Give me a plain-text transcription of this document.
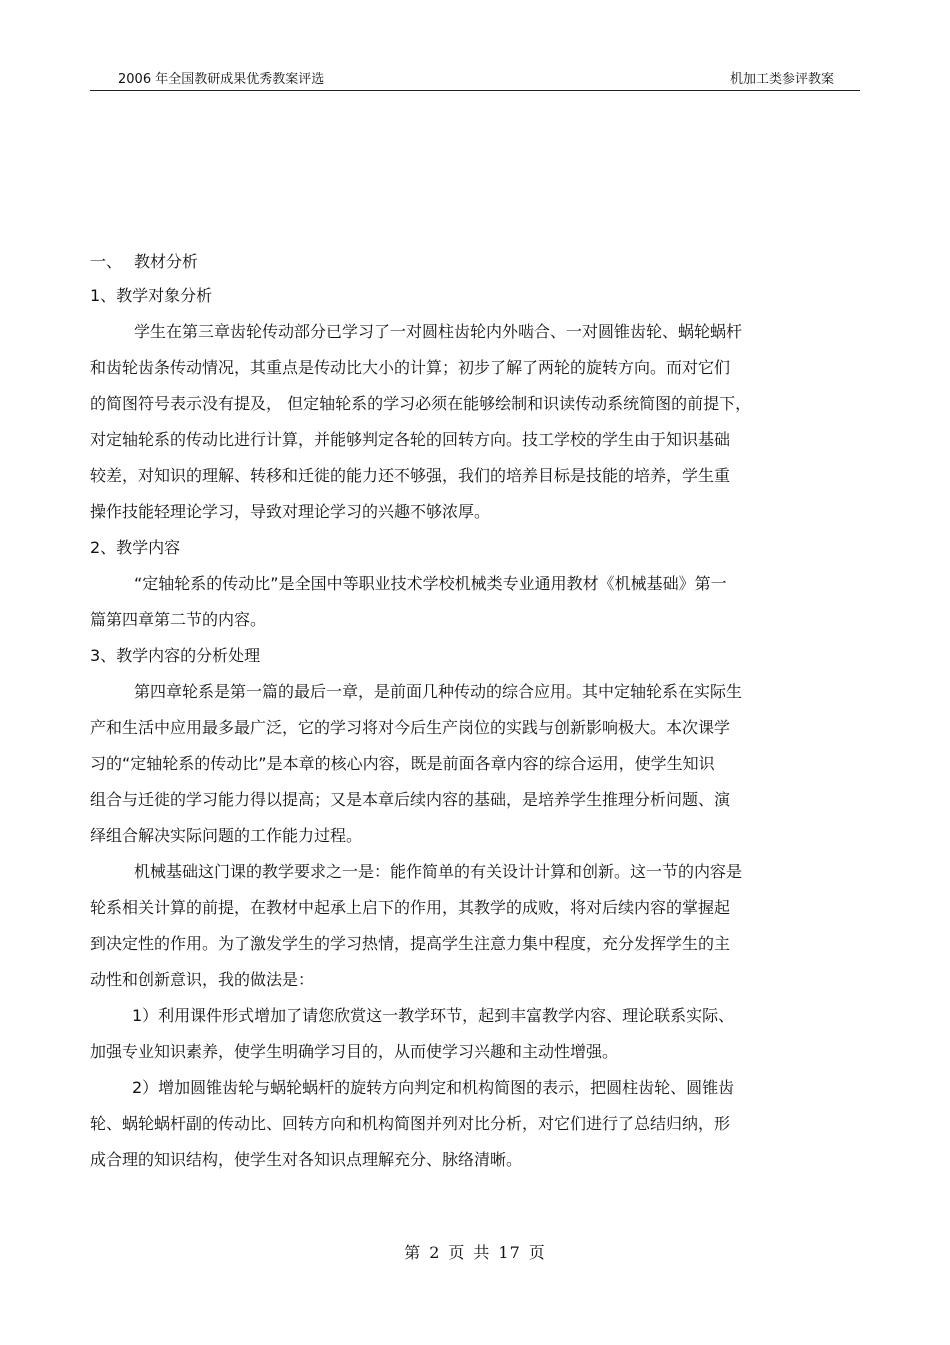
2006 年全国教研成果优秀教案评选	机加工类参评教案
一、 教材分析
1、教学对象分析
学生在第三章齿轮传动部分已学习了一对圆柱齿轮内外啮合、一对圆锥齿轮、蜗轮蜗杆
和齿轮齿条传动情况，其重点是传动比大小的计算；初步了解了两轮的旋转方向。而对它们
的简图符号表示没有提及， 但定轴轮系的学习必须在能够绘制和识读传动系统简图的前提下，
对定轴轮系的传动比进行计算，并能够判定各轮的回转方向。技工学校的学生由于知识基础
较差，对知识的理解、转移和迁徙的能力还不够强，我们的培养目标是技能的培养，学生重
操作技能轻理论学习，导致对理论学习的兴趣不够浓厚。
2、教学内容
“定轴轮系的传动比”是全国中等职业技术学校机械类专业通用教材《机械基础》第一
篇第四章第二节的内容。
3、教学内容的分析处理
第四章轮系是第一篇的最后一章，是前面几种传动的综合应用。其中定轴轮系在实际生
产和生活中应用最多最广泛，它的学习将对今后生产岗位的实践与创新影响极大。本次课学
习的“定轴轮系的传动比”是本章的核心内容，既是前面各章内容的综合运用，使学生知识
组合与迁徙的学习能力得以提高；又是本章后续内容的基础，是培养学生推理分析问题、演
绎组合解决实际问题的工作能力过程。
机械基础这门课的教学要求之一是：能作简单的有关设计计算和创新。这一节的内容是
轮系相关计算的前提，在教材中起承上启下的作用，其教学的成败，将对后续内容的掌握起
到决定性的作用。为了激发学生的学习热情，提高学生注意力集中程度，充分发挥学生的主
动性和创新意识，我的做法是：
1）利用课件形式增加了请您欣赏这一教学环节，起到丰富教学内容、理论联系实际、
加强专业知识素养，使学生明确学习目的，从而使学习兴趣和主动性增强。
2）增加圆锥齿轮与蜗轮蜗杆的旋转方向判定和机构简图的表示，把圆柱齿轮、圆锥齿
轮、蜗轮蜗杆副的传动比、回转方向和机构简图并列对比分析，对它们进行了总结归纳，形
成合理的知识结构，使学生对各知识点理解充分、脉络清晰。
第 2 页 共 17 页
